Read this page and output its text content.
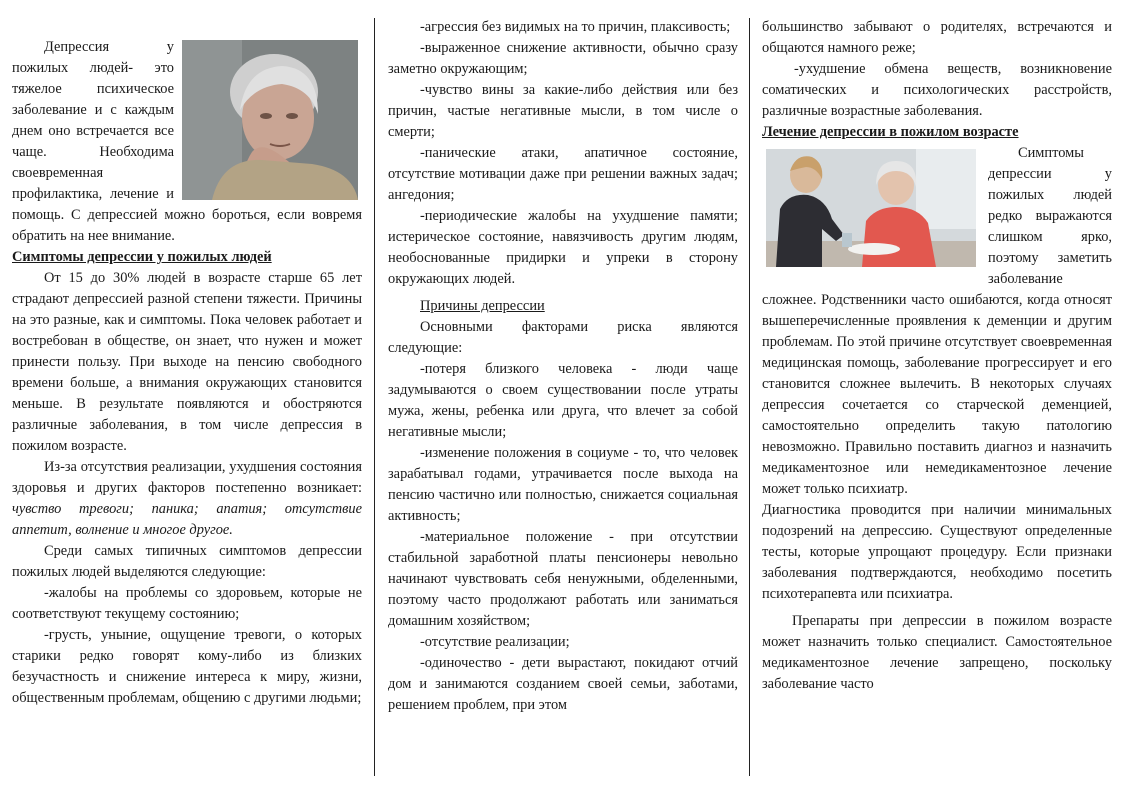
Депрессия у пожилых людей- это тяжелое психическое заболевание и с каждым днем оно встречается все чаще. Необходима своевременная профилактика, лечение и помощь. С депрессией можно бороться, если вовремя обратить на нее внимание.

Симптомы депрессии у пожилых людей

От 15 до 30% людей в возрасте старше 65 лет страдают депрессией разной степени тяжести. Причины на это разные, как и симптомы. Пока человек работает и востребован в обществе, он знает, что нужен и может принести пользу. При выходе на пенсию свободного времени больше, а внимания окружающих становится меньше. В результате появляются и обостряются различные заболевания, в том числе депрессия в пожилом возрасте.

Из-за отсутствия реализации, ухудшения состояния здоровья и других факторов постепенно возникает: чувство тревоги; паника; апатия; отсутствие аппетит, волнение и многое другое.

Среди самых типичных симптомов депрессии пожилых людей выделяются следующие:

-жалобы на проблемы со здоровьем, которые не соответствуют текущему состоянию;

-грусть, уныние, ощущение тревоги, о которых старики редко говорят кому-либо из близких безучастность и снижение интереса к миру, жизни, общественным проблемам, общению с другими людьми;

-агрессия без видимых на то причин, плаксивость;

-выраженное снижение активности, обычно сразу заметно окружающим;

-чувство вины за какие-либо действия или без причин, частые негативные мысли, в том числе о смерти;

-панические атаки, апатичное состояние, отсутствие мотивации даже при решении важных задач; ангедония;

-периодические жалобы на ухудшение памяти; истерическое состояние, навязчивость другим людям, необоснованные придирки и упреки в сторону окружающих людей.

Причины депрессии

Основными факторами риска являются следующие:

-потеря близкого человека - люди чаще задумываются о своем существовании после утраты мужа, жены, ребенка или друга, что влечет за собой негативные мысли;

-изменение положения в социуме - то, что человек зарабатывал годами, утрачивается после выхода на пенсию частично или полностью, снижается социальная активность;

-материальное положение - при отсутствии стабильной заработной платы пенсионеры невольно начинают чувствовать себя ненужными, обделенными, поэтому часто продолжают работать или заниматься домашним хозяйством;

-отсутствие реализации;

-одиночество - дети вырастают, покидают отчий дом и занимаются созданием своей семьи, заботами, решением проблем, при этом

большинство забывают о родителях, встречаются и общаются намного реже;

-ухудшение обмена веществ, возникновение соматических и психологических расстройств, различные возрастные заболевания.

Лечение депрессии в пожилом возрасте

Симптомы депрессии у пожилых людей редко выражаются слишком ярко, поэтому заметить заболевание сложнее. Родственники часто ошибаются, когда относят вышеперечисленные проявления к деменции и другим проблемам. По этой причине отсутствует своевременная медицинская помощь, заболевание прогрессирует и его становится сложнее вылечить. В некоторых случаях депрессия сочетается со старческой деменцией, самостоятельно определить такую патологию невозможно. Правильно поставить диагноз и назначить медикаментозное или немедикаментозное лечение может только психиатр.

Диагностика проводится при наличии минимальных подозрений на депрессию. Существуют определенные тесты, которые упрощают процедуру. Если признаки заболевания подтверждаются, необходимо посетить психотерапевта или психиатра.

Препараты при депрессии в пожилом возрасте может назначить только специалист. Самостоятельное медикаментозное лечение запрещено, поскольку заболевание часто
